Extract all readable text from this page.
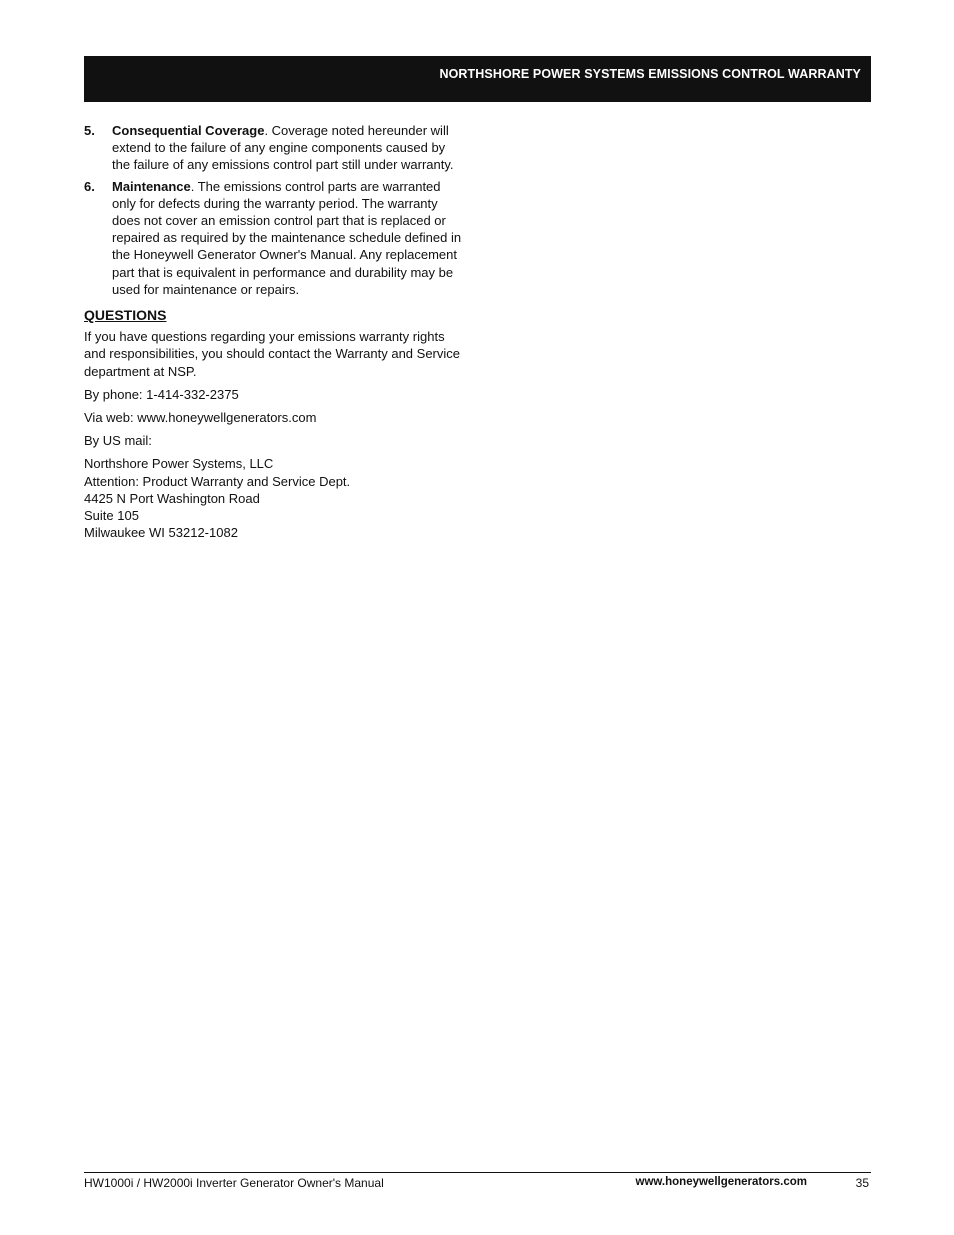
NORTHSHORE POWER SYSTEMS EMISSIONS CONTROL WARRANTY
5. Consequential Coverage. Coverage noted hereunder will extend to the failure of any engine components caused by the failure of any emissions control part still under warranty.
6. Maintenance. The emissions control parts are warranted only for defects during the warranty period. The warranty does not cover an emission control part that is replaced or repaired as required by the maintenance schedule defined in the Honeywell Generator Owner's Manual. Any replacement part that is equivalent in performance and durability may be used for maintenance or repairs.
QUESTIONS

If you have questions regarding your emissions warranty rights and responsibilities, you should contact the Warranty and Service department at NSP.

By phone: 1-414-332-2375

Via web: www.honeywellgenerators.com

By US mail:

Northshore Power Systems, LLC
Attention: Product Warranty and Service Dept.
4425 N Port Washington Road
Suite 105
Milwaukee WI 53212-1082
HW1000i / HW2000i Inverter Generator Owner's Manual	www.honeywellgenerators.com	35
